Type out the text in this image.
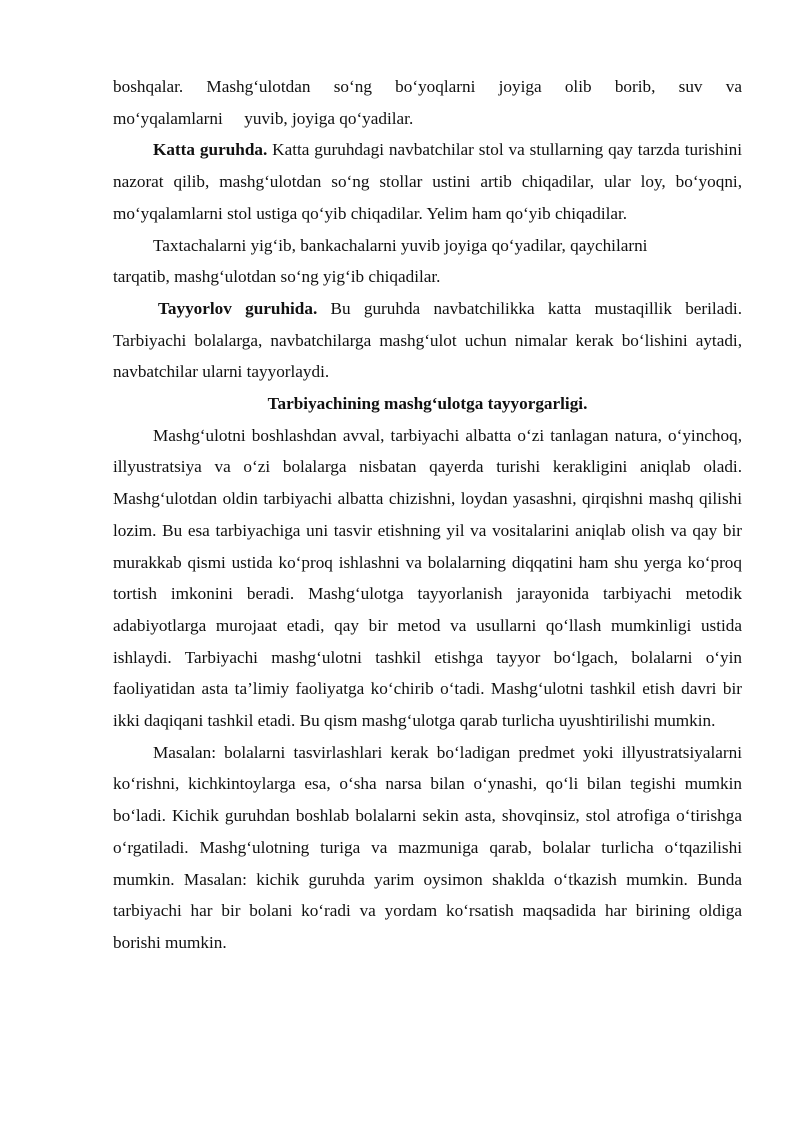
boshqalar. Mashg‘ulotdan so‘ng bo‘yoqlarni joyiga olib borib, suv va

mo‘yqalamlarni     yuvib, joyiga qo‘yadilar.

Katta guruhda. Katta guruhdagi navbatchilar stol va stullarning qay tarzda turishini nazorat qilib, mashg‘ulotdan so‘ng stollar ustini artib chiqadilar, ular loy, bo‘yoqni, mo‘yqalamlarni stol ustiga qo‘yib chiqadilar. Yelim ham qo‘yib chiqadilar.

Taxtachalarni yig‘ib, bankachalarni yuvib joyiga qo‘yadilar, qaychilarni

tarqatib, mashg‘ulotdan so‘ng yig‘ib chiqadilar.

Tayyorlov guruhida. Bu guruhda navbatchilikka katta mustaqillik beriladi. Tarbiyachi bolalarga, navbatchilarga mashg‘ulot uchun nimalar kerak bo‘lishini aytadi, navbatchilar ularni tayyorlaydi.

Tarbiyachining mashg‘ulotga tayyorgarligi.

Mashg‘ulotni boshlashdan avval, tarbiyachi albatta o‘zi tanlagan natura, o‘yinchoq, illyustratsiya va o‘zi bolalarga nisbatan qayerda turishi kerakligini aniqlab oladi. Mashg‘ulotdan oldin tarbiyachi albatta chizishni, loydan yasashni, qirqishni mashq qilishi lozim. Bu esa tarbiyachiga uni tasvir etishning yil va vositalarini aniqlab olish va qay bir murakkab qismi ustida ko‘proq ishlashni va bolalarning diqqatini ham shu yerga ko‘proq tortish imkonini beradi. Mashg‘ulotga tayyorlanish jarayonida tarbiyachi metodik adabiyotlarga murojaat etadi, qay bir metod va usullarni qo‘llash mumkinligi ustida ishlaydi. Tarbiyachi mashg‘ulotni tashkil etishga tayyor bo‘lgach, bolalarni o‘yin faoliyatidan asta ta’limiy faoliyatga ko‘chirib o‘tadi. Mashg‘ulotni tashkil etish davri bir ikki daqiqani tashkil etadi. Bu qism mashg‘ulotga qarab turlicha uyushtirilishi mumkin.

Masalan: bolalarni tasvirlashlari kerak bo‘ladigan predmet yoki illyustratsiyalarni ko‘rishni, kichkintoylarga esa, o‘sha narsa bilan o‘ynashi, qo‘li bilan tegishi mumkin bo‘ladi. Kichik guruhdan boshlab bolalarni sekin asta, shovqinsiz, stol atrofiga o‘tirishga o‘rgatiladi. Mashg‘ulotning turiga va mazmuniga qarab, bolalar turlicha o‘tqazilishi mumkin. Masalan: kichik guruhda yarim oysimon shaklda o‘tkazish mumkin. Bunda tarbiyachi har bir bolani ko‘radi va yordam ko‘rsatish maqsadida har birining oldiga borishi mumkin.
